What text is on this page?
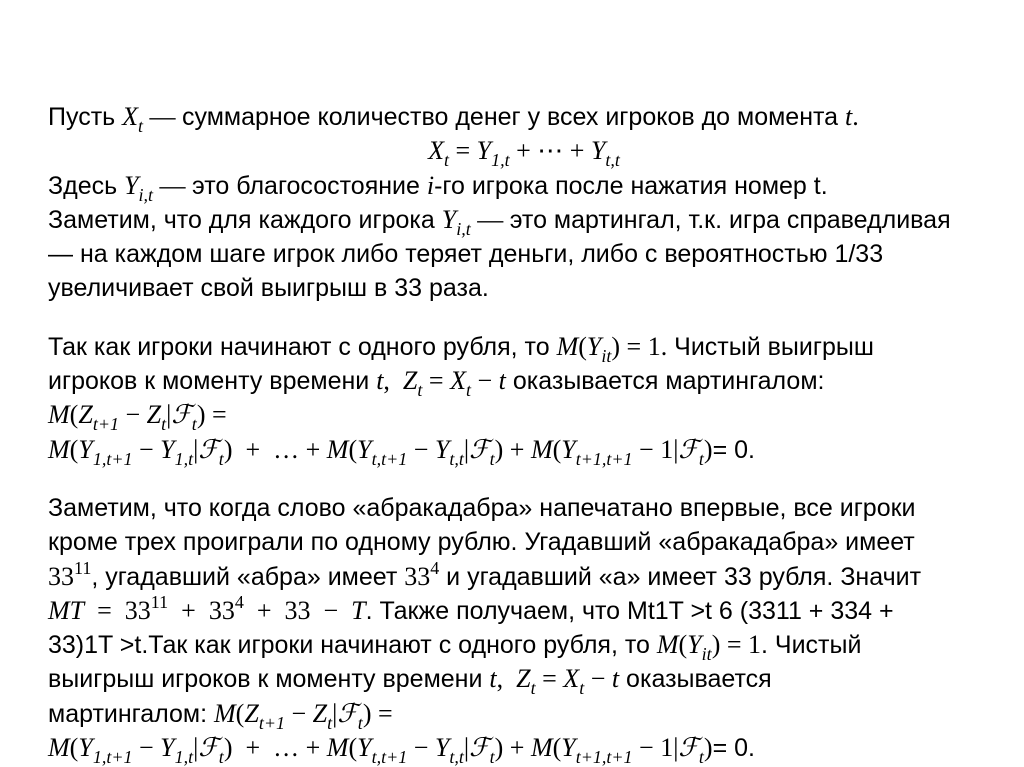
Пусть $X_t$ — суммарное количество денег у всех игроков до момента t.
$X_t = Y_{1,t}$ + ⋯ + $Y_{t,t}$
Здесь $Y_{i,t}$ — это благосостояние i-го игрока после нажатия номер t.
Заметим, что для каждого игрока $Y_{i,t}$ — это мартингал, т.к. игра справедливая
— на каждом шаге игрок либо теряет деньги, либо с вероятностью 1/33
увеличивает свой выигрыш в 33 раза.
Так как игроки начинают с одного рубля, то $M(Y_{it}) = 1$. Чистый выигрыш
игроков к моменту времени t,  $Z_t = X_t - t$ оказывается мартингалом:
$M(Z_{t+1}$ − $Z_t|ℱ_t$) =
$M(Y_{1,t+1}$ − $Y_{1,t}|ℱ_t$)  +  … + $M(Y_{t,t+1}$ − $Y_{t,t}|ℱ_t) + M(Y_{t+1,t+1}$ − 1|ℱ$_t$)= 0.
Заметим, что когда слово «абракадабра» напечатано впервые, все игроки
кроме трех проиграли по одному рублю. Угадавший «абракадабра» имеет
$33^{11}$, угадавший «абра» имеет $33^4$ и угадавший «а» имеет 33 рубля. Значит
MT  =  $33^{11} + 33^4 + 33 - T$. Также получаем, что Mt1T >t 6 (3311 + 334 +
33)1T >t.Так как игроки начинают с одного рубля, то $M(Y_{it}) = 1$. Чистый
выигрыш игроков к моменту времени t,  $Z_t = X_t - t$ оказывается
мартингалом: $M(Z_{t+1}$ − $Z_t|ℱ_t$) =
$M(Y_{1,t+1}$ − $Y_{1,t}|ℱ_t$)  +  … + $M(Y_{t,t+1}$ − $Y_{t,t}|ℱ_t) + M(Y_{t+1,t+1}$ − 1|ℱ$_t$)= 0.
